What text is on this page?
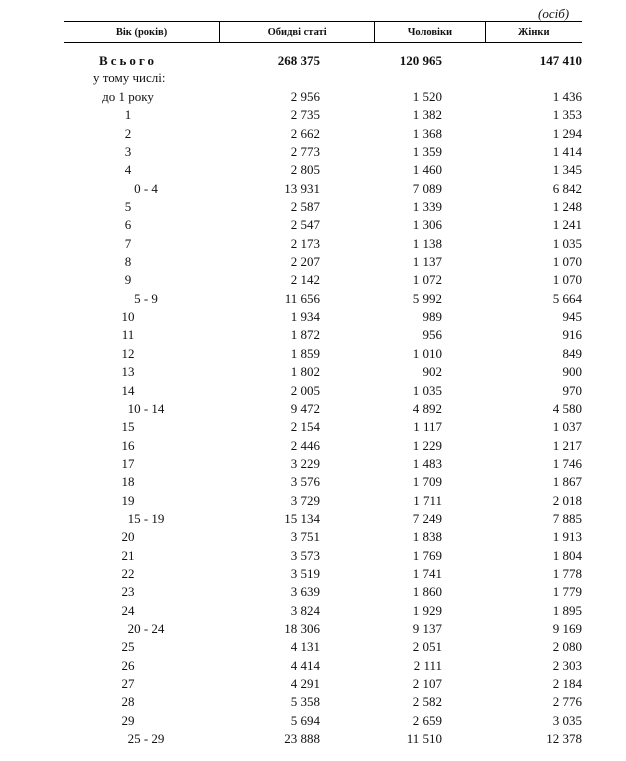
(осіб)
Вік (років)	Обидві статі	Чоловіки	Жінки
Всього	268 375	120 965	147 410
у тому числі:
до 1 року	2 956	1 520	1 436
1	2 735	1 382	1 353
2	2 662	1 368	1 294
3	2 773	1 359	1 414
4	2 805	1 460	1 345
0 - 4	13 931	7 089	6 842
5	2 587	1 339	1 248
6	2 547	1 306	1 241
7	2 173	1 138	1 035
8	2 207	1 137	1 070
9	2 142	1 072	1 070
5 - 9	11 656	5 992	5 664
10	1 934	989	945
11	1 872	956	916
12	1 859	1 010	849
13	1 802	902	900
14	2 005	1 035	970
10 - 14	9 472	4 892	4 580
15	2 154	1 117	1 037
16	2 446	1 229	1 217
17	3 229	1 483	1 746
18	3 576	1 709	1 867
19	3 729	1 711	2 018
15 - 19	15 134	7 249	7 885
20	3 751	1 838	1 913
21	3 573	1 769	1 804
22	3 519	1 741	1 778
23	3 639	1 860	1 779
24	3 824	1 929	1 895
20 - 24	18 306	9 137	9 169
25	4 131	2 051	2 080
26	4 414	2 111	2 303
27	4 291	2 107	2 184
28	5 358	2 582	2 776
29	5 694	2 659	3 035
25 - 29	23 888	11 510	12 378
